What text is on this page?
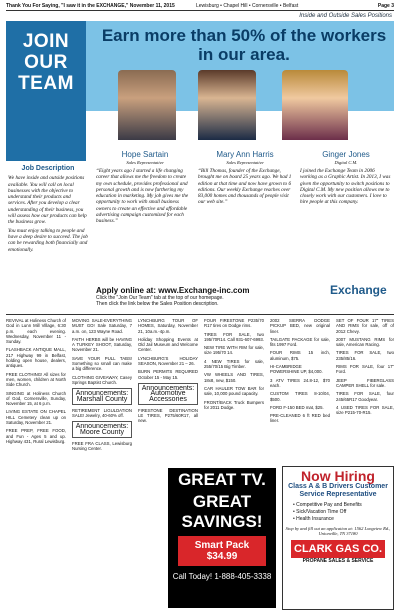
Thank You For Saying, "I saw it in the EXCHANGE," November 11, 2015	Lewisburg • Chapel Hill • Cornersville • Belfast	Page 3
Inside and Outside Sales Positions
JOIN
OUR
TEAM
Earn more than 50% of the workers in our area.
Job Description

We have inside and outside positions available. You will call on local businesses with the objective to understand their products and services. After you develop a clear understanding of their business, you will assess how our products can help the business grow.

You must enjoy talking to people and have a deep desire to succeed. The job can be rewarding both financially and emotionally.

Hope Sartain
Sales Representative
“Eight years ago I started a life changing career that allows me the freedom to create my own schedule, provides professional and personal growth and is now furthering my education in marketing. My job gives me the opportunity to work with small business owners to create an effective and affordable advertising campaign customized for each business.”
Mary Ann Harris
Sales Representative
“Bill Thomas, founder of the Exchange, brought me on board 25 years ago. We had 1 edition at that time and now have grown to 6 editions. Our weekly Exchange reaches over 83,000 homes and thousands of people visit our web site.”
Ginger Jones
Digital C.M.
I joined the Exchange Team in 2006 working as a Graphic Artist. In 2013, I was given the opportunity to switch positions to Digital C.M. My new position allows me to closely work with our customers. I love to hire people at this company.
Apply online at: www.Exchange-inc.com
Click the "Join Our Team" tab at the top of our homepage.
Then click the link below the Sales Position description.
Exchange

REVIVAL at Holiness Church of God in Lunn Mill Village, 6:30 p.m. each evening. Wednesday, November 11 - Sunday.

FLASHBACK ANTIQUE MALL, 217 Highway 99 in Belfast, holding open house, dealers, antiques.

FREE CLOTHING! All sizes for men, women, children at North Side Church.

SINGING at Holiness Church of God, Cornersville, Sunday, November 15, at 6 p.m.

LIVING ESTATE ON CHAPEL HILL Cemetery clean up on Saturday, November 21.

FREE PREP, FREE FOOD, and Fun - Ages 5 and up. Highway 431, Rural Lewisburg.

MOVING SALE-EVERYTHING MUST GO! Sale Saturday, 7 a.m. on, 123 Wayne Road.

FAITH HERBS will be HAVING A TURKEY SHOOT, Saturday, November 21.

SAVE YOUR PULL TABS! Something so small can make a big difference.

CLOTHING GIVEAWAY, Casey Springs Baptist Church.

Announcements: Marshall County

RETIREMENT LIGULDATION SALE! Jewelry, 40-60% off.

Announcements: Moore County

FREE FRA CLASS, Lewisburg Nursing Center.

LYNCHBURG TOUR OF HOMES, Saturday, November 21, 10a.m.-4p.m.

Holiday Shopping Events at Old Jail Museum and Welcome Center.

LYNCHBURG'S HOLIDAY SEASON, November 21 – 26.

BURN PERMITS REQUIRED October 15 - May 15.

Announcements: Automotive Accessories

FIRESTONE DESTINATION LE TIRES, P275/60R17, all new.

FOUR FIRESTONE P235/70 R17 tires on Dodge rims.

TIRES FOR SALE, two 195/70R14. Call 931-607-6993.

NEW TIRE WITH RIM for sale, size 195/70 14.

4 NEW TIRES for sale, 255/70/15 Big Timber.

VW WHEELS AND TIRES, 18x8, new, $150.

CAR HAULER TOW BAR for sale, 10,000 pound capacity.

FRONT/BACK Truck Bumpers for 2011 Dodge.

2002 SIERRA DODGE PICKUP BED, new original liner.

TAILGATE PACKAGE for sale, fits 1997 Ford.

FOUR RIMS 15 inch, aluminum, $75.

HI-CAMBRIDGE POWERSHINE UP, $4,000.

3 ATV TIRES 24.8-12, $70 each.

CUSTOM TIRES 8-10/04, $500.

FORD F-150 BED mat, $25.

PRE-CLEANED 6 ft RED bed liner.

SET OF FOUR 17" TIRES AND RIMS for sale, off of 2012 Chevy.

2007 MUSTANG RIMS for sale, American Racing.

TIRES FOR SALE, two 235/85/16.

RIMS FOR SALE, four 17" Ford.

JEEP FIBERGLASS CAMPER SHELL for sale.

TIRES FOR SALE, four 245/65R17 Goodyear.

4 USED TIRES FOR SALE, size P215-70-R15.

GREAT TV.
GREAT SAVINGS!
Smart Pack $34.99
Call Today! 1-888-405-3338
Now Hiring
Class A & B Drivers Customer Service Representative
• Competitive Pay and Benefits
• Sick/Vacation Time Off
• Health Insurance
Stop by and fill out an application at: 1562 Longview Rd., Unionville, TN 37180
CLARK GAS CO.
PROPANE SALES & SERVICE
